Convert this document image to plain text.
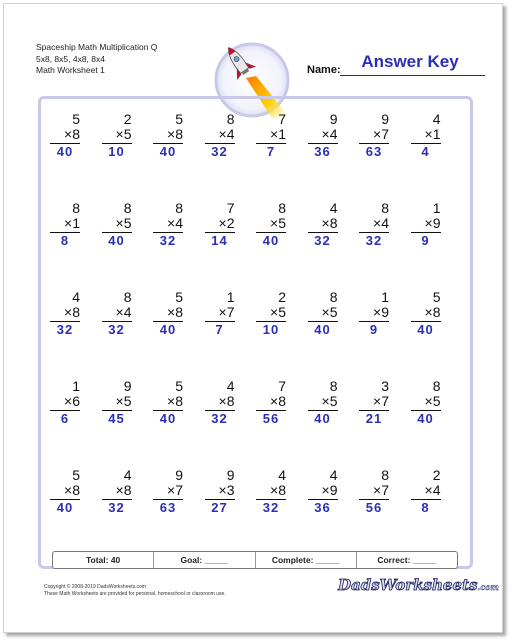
Spaceship Math Multiplication Q
5x8, 8x5, 4x8, 8x4
Math Worksheet 1	Name:	Answer Key
5
×8
40
2
×5
10
5
×8
40
8
×4
32
7
×1
7
9
×4
36
9
×7
63
4
×1
4
8
×1
8
8
×5
40
8
×4
32
7
×2
14
8
×5
40
4
×8
32
8
×4
32
1
×9
9
4
×8
32
8
×4
32
5
×8
40
1
×7
7
2
×5
10
8
×5
40
1
×9
9
5
×8
40
1
×6
6
9
×5
45
5
×8
40
4
×8
32
7
×8
56
8
×5
40
3
×7
21
8
×5
40
5
×8
40
4
×8
32
9
×7
63
9
×3
27
4
×8
32
4
×9
36
8
×7
56
2
×4
8
Total: 40	Goal: _____	Complete: _____	Correct: _____
Copyright © 2008-2019 DadsWorksheets.com
These Math Worksheets are provided for personal, homeschool or classroom use.	DadsWorksheets.com
